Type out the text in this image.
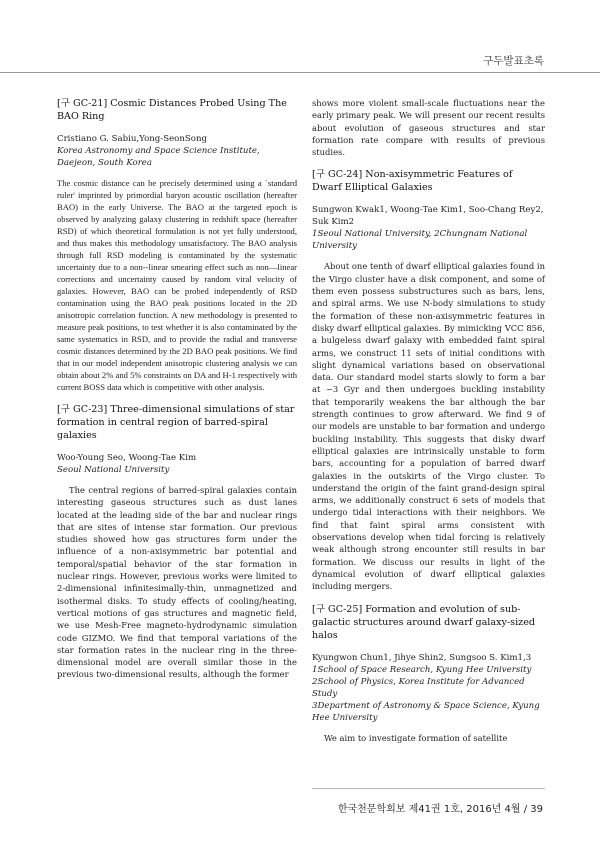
구두발표초록
[구 GC-21] Cosmic Distances Probed Using The BAO Ring
Cristiano G. Sabiu,Yong-SeonSong
Korea Astronomy and Space Science Institute, Daejeon, South Korea
The cosmic distance can be precisely determined using a `standard ruler' imprinted by primordial baryon acoustic oscillation (hereafter BAO) in the early Universe. The BAO at the targeted epoch is observed by analyzing galaxy clustering in redshift space (hereafter RSD) of which theoretical formulation is not yet fully understood, and thus makes this methodology unsatisfactory. The BAO analysis through full RSD modeling is contaminated by the systematic uncertainty due to a non--linear smearing effect such as non—linear corrections and uncertainty caused by random viral velocity of galaxies. However, BAO can be probed independently of RSD contamination using the BAO peak positions located in the 2D anisotropic correlation function. A new methodology is presented to measure peak positions, to test whether it is also contaminated by the same systematics in RSD, and to provide the radial and transverse cosmic distances determined by the 2D BAO peak positions. We find that in our model independent anisotropic clustering analysis we can obtain about 2% and 5% constraints on DA and H-1 respectively with current BOSS data which is competitive with other analysis.
[구 GC-23] Three-dimensional simulations of star formation in central region of barred-spiral galaxies
Woo-Young Seo, Woong-Tae Kim
Seoul National University
The central regions of barred-spiral galaxies contain interesting gaseous structures such as dust lanes located at the leading side of the bar and nuclear rings that are sites of intense star formation. Our previous studies showed how gas structures form under the influence of a non-axisymmetric bar potential and temporal/spatial behavior of the star formation in nuclear rings. However, previous works were limited to 2-dimensional infinitesimally-thin, unmagnetized and isothermal disks. To study effects of cooling/heating, vertical motions of gas structures and magnetic field, we use Mesh-Free magneto-hydrodynamic simulation code GIZMO. We find that temporal variations of the star formation rates in the nuclear ring in the three-dimensional model are overall similar those in the previous two-dimensional results, although the former
shows more violent small-scale fluctuations near the early primary peak. We will present our recent results about evolution of gaseous structures and star formation rate compare with results of previous studies.
[구 GC-24] Non-axisymmetric Features of Dwarf Elliptical Galaxies
Sungwon Kwak1, Woong-Tae Kim1, Soo-Chang Rey2, Suk Kim2
1Seoul National University, 2Chungnam National University
About one tenth of dwarf elliptical galaxies found in the Virgo cluster have a disk component, and some of them even possess substructures such as bars, lens, and spiral arms. We use N-body simulations to study the formation of these non-axisymmetric features in disky dwarf elliptical galaxies. By mimicking VCC 856, a bulgeless dwarf galaxy with embedded faint spiral arms, we construct 11 sets of initial conditions with slight dynamical variations based on observational data. Our standard model starts slowly to form a bar at ~3 Gyr and then undergoes buckling instability that temporarily weakens the bar although the bar strength continues to grow afterward. We find 9 of our models are unstable to bar formation and undergo buckling instability. This suggests that disky dwarf elliptical galaxies are intrinsically unstable to form bars, accounting for a population of barred dwarf galaxies in the outskirts of the Virgo cluster. To understand the origin of the faint grand-design spiral arms, we additionally construct 6 sets of models that undergo tidal interactions with their neighbors. We find that faint spiral arms consistent with observations develop when tidal forcing is relatively weak although strong encounter still results in bar formation. We discuss our results in light of the dynamical evolution of dwarf elliptical galaxies including mergers.
[구 GC-25] Formation and evolution of sub-galactic structures around dwarf galaxy-sized halos
Kyungwon Chun1, Jihye Shin2, Sungsoo S. Kim1,3
1School of Space Research, Kyung Hee University
2School of Physics, Korea Institute for Advanced Study
3Department of Astronomy & Space Science, Kyung Hee University
We aim to investigate formation of satellite
한국천문학회보 제41권 1호, 2016년 4월 / 39
